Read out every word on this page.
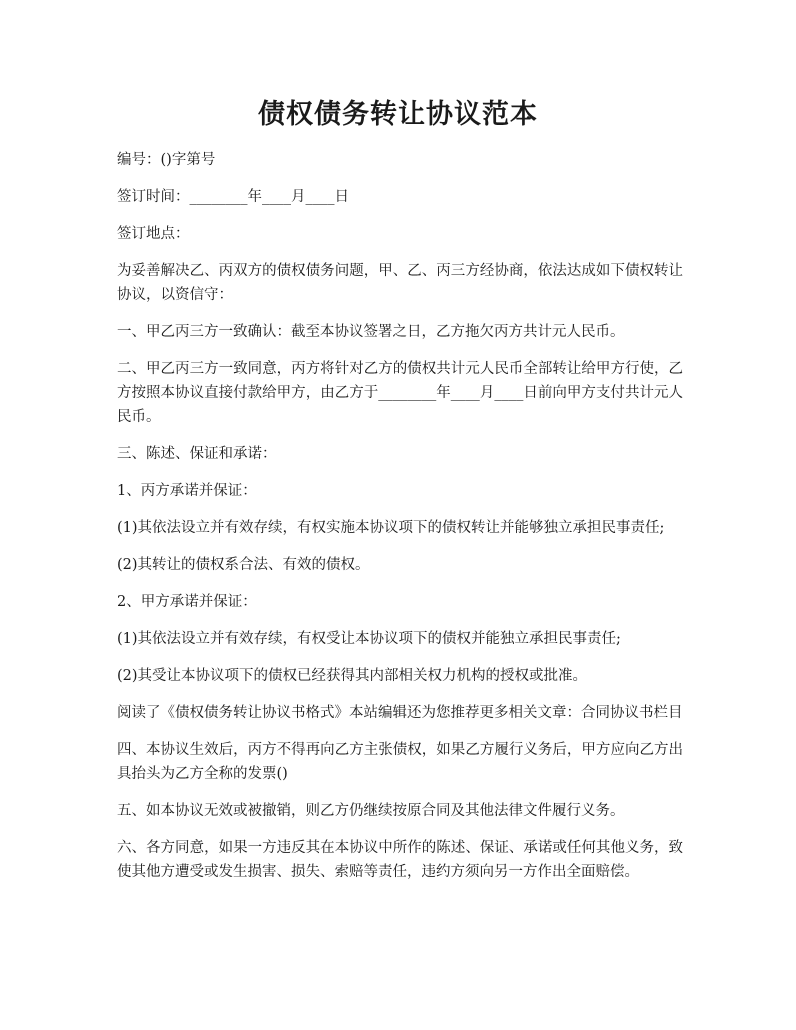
债权债务转让协议范本

编号：()字第号

签订时间：________年____月____日

签订地点：

为妥善解决乙、丙双方的债权债务问题，甲、乙、丙三方经协商，依法达成如下债权转让协议，以资信守：

一、甲乙丙三方一致确认：截至本协议签署之日，乙方拖欠丙方共计元人民币。

二、甲乙丙三方一致同意，丙方将针对乙方的债权共计元人民币全部转让给甲方行使，乙方按照本协议直接付款给甲方，由乙方于________年____月____日前向甲方支付共计元人民币。

三、陈述、保证和承诺：

1、丙方承诺并保证：

(1)其依法设立并有效存续，有权实施本协议项下的债权转让并能够独立承担民事责任;

(2)其转让的债权系合法、有效的债权。

2、甲方承诺并保证：

(1)其依法设立并有效存续，有权受让本协议项下的债权并能独立承担民事责任;

(2)其受让本协议项下的债权已经获得其内部相关权力机构的授权或批准。

阅读了《债权债务转让协议书格式》本站编辑还为您推荐更多相关文章：合同协议书栏目

四、本协议生效后，丙方不得再向乙方主张债权，如果乙方履行义务后，甲方应向乙方出具抬头为乙方全称的发票()

五、如本协议无效或被撤销，则乙方仍继续按原合同及其他法律文件履行义务。

六、各方同意，如果一方违反其在本协议中所作的陈述、保证、承诺或任何其他义务，致使其他方遭受或发生损害、损失、索赔等责任，违约方须向另一方作出全面赔偿。
